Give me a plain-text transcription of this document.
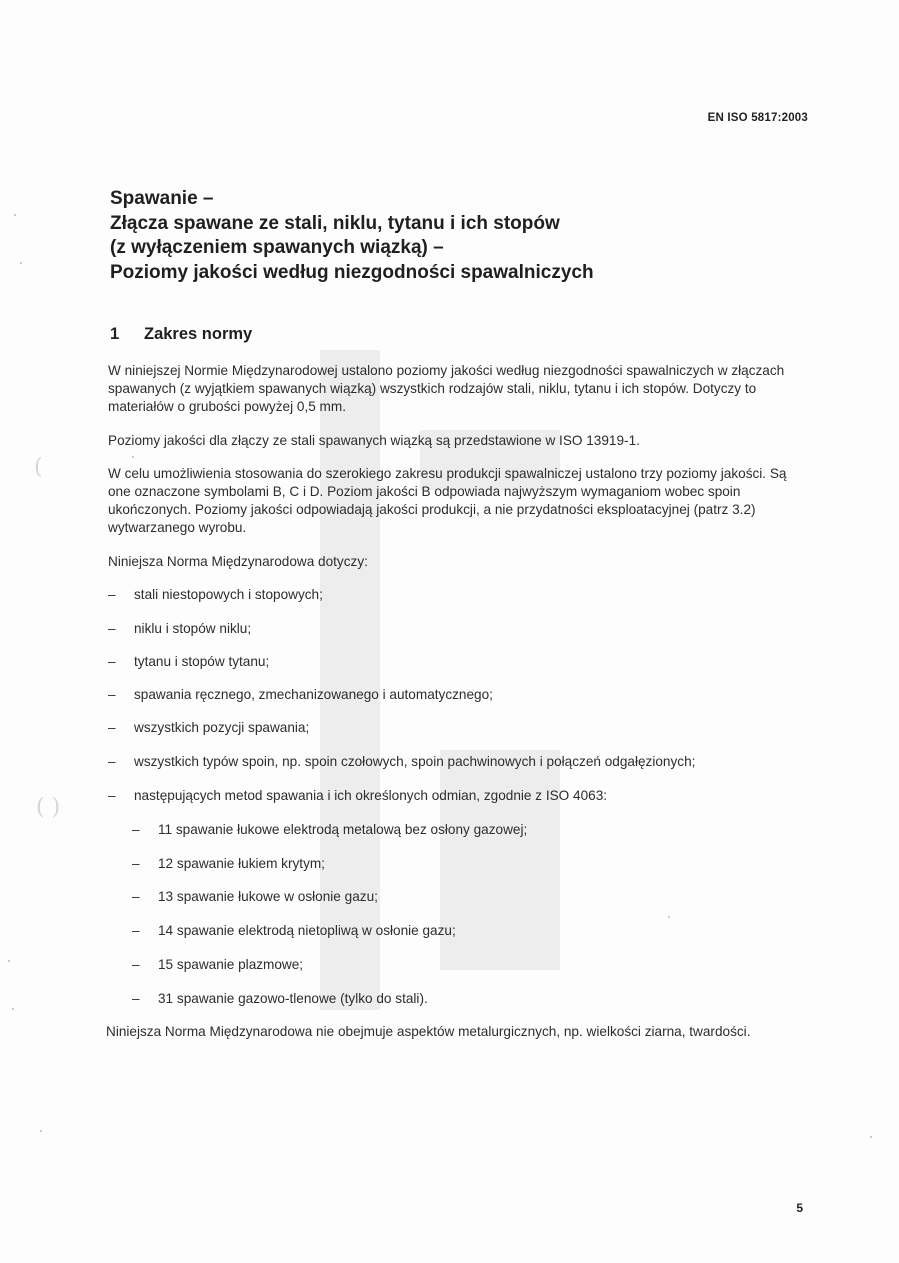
(
( )
EN ISO 5817:2003
Spawanie –
Złącza spawane ze stali, niklu, tytanu i ich stopów
(z wyłączeniem spawanych wiązką) –
Poziomy jakości według niezgodności spawalniczych
1 Zakres normy
W niniejszej Normie Międzynarodowej ustalono poziomy jakości według niezgodności spawalniczych w złączach spawanych (z wyjątkiem spawanych wiązką) wszystkich rodzajów stali, niklu, tytanu i ich stopów. Dotyczy to materiałów o grubości powyżej 0,5 mm.
Poziomy jakości dla złączy ze stali spawanych wiązką są przedstawione w ISO 13919-1.
W celu umożliwienia stosowania do szerokiego zakresu produkcji spawalniczej ustalono trzy poziomy jakości. Są one oznaczone symbolami B, C i D. Poziom jakości B odpowiada najwyższym wymaganiom wobec spoin ukończonych. Poziomy jakości odpowiadają jakości produkcji, a nie przydatności eksploatacyjnej (patrz 3.2) wytwarzanego wyrobu.
Niniejsza Norma Międzynarodowa dotyczy:
– stali niestopowych i stopowych;
– niklu i stopów niklu;
– tytanu i stopów tytanu;
– spawania ręcznego, zmechanizowanego i automatycznego;
– wszystkich pozycji spawania;
– wszystkich typów spoin, np. spoin czołowych, spoin pachwinowych i połączeń odgałęzionych;
– następujących metod spawania i ich określonych odmian, zgodnie z ISO 4063:
– 11 spawanie łukowe elektrodą metalową bez osłony gazowej;
– 12 spawanie łukiem krytym;
– 13 spawanie łukowe w osłonie gazu;
– 14 spawanie elektrodą nietopliwą w osłonie gazu;
– 15 spawanie plazmowe;
– 31 spawanie gazowo-tlenowe (tylko do stali).
Niniejsza Norma Międzynarodowa nie obejmuje aspektów metalurgicznych, np. wielkości ziarna, twardości.
5
